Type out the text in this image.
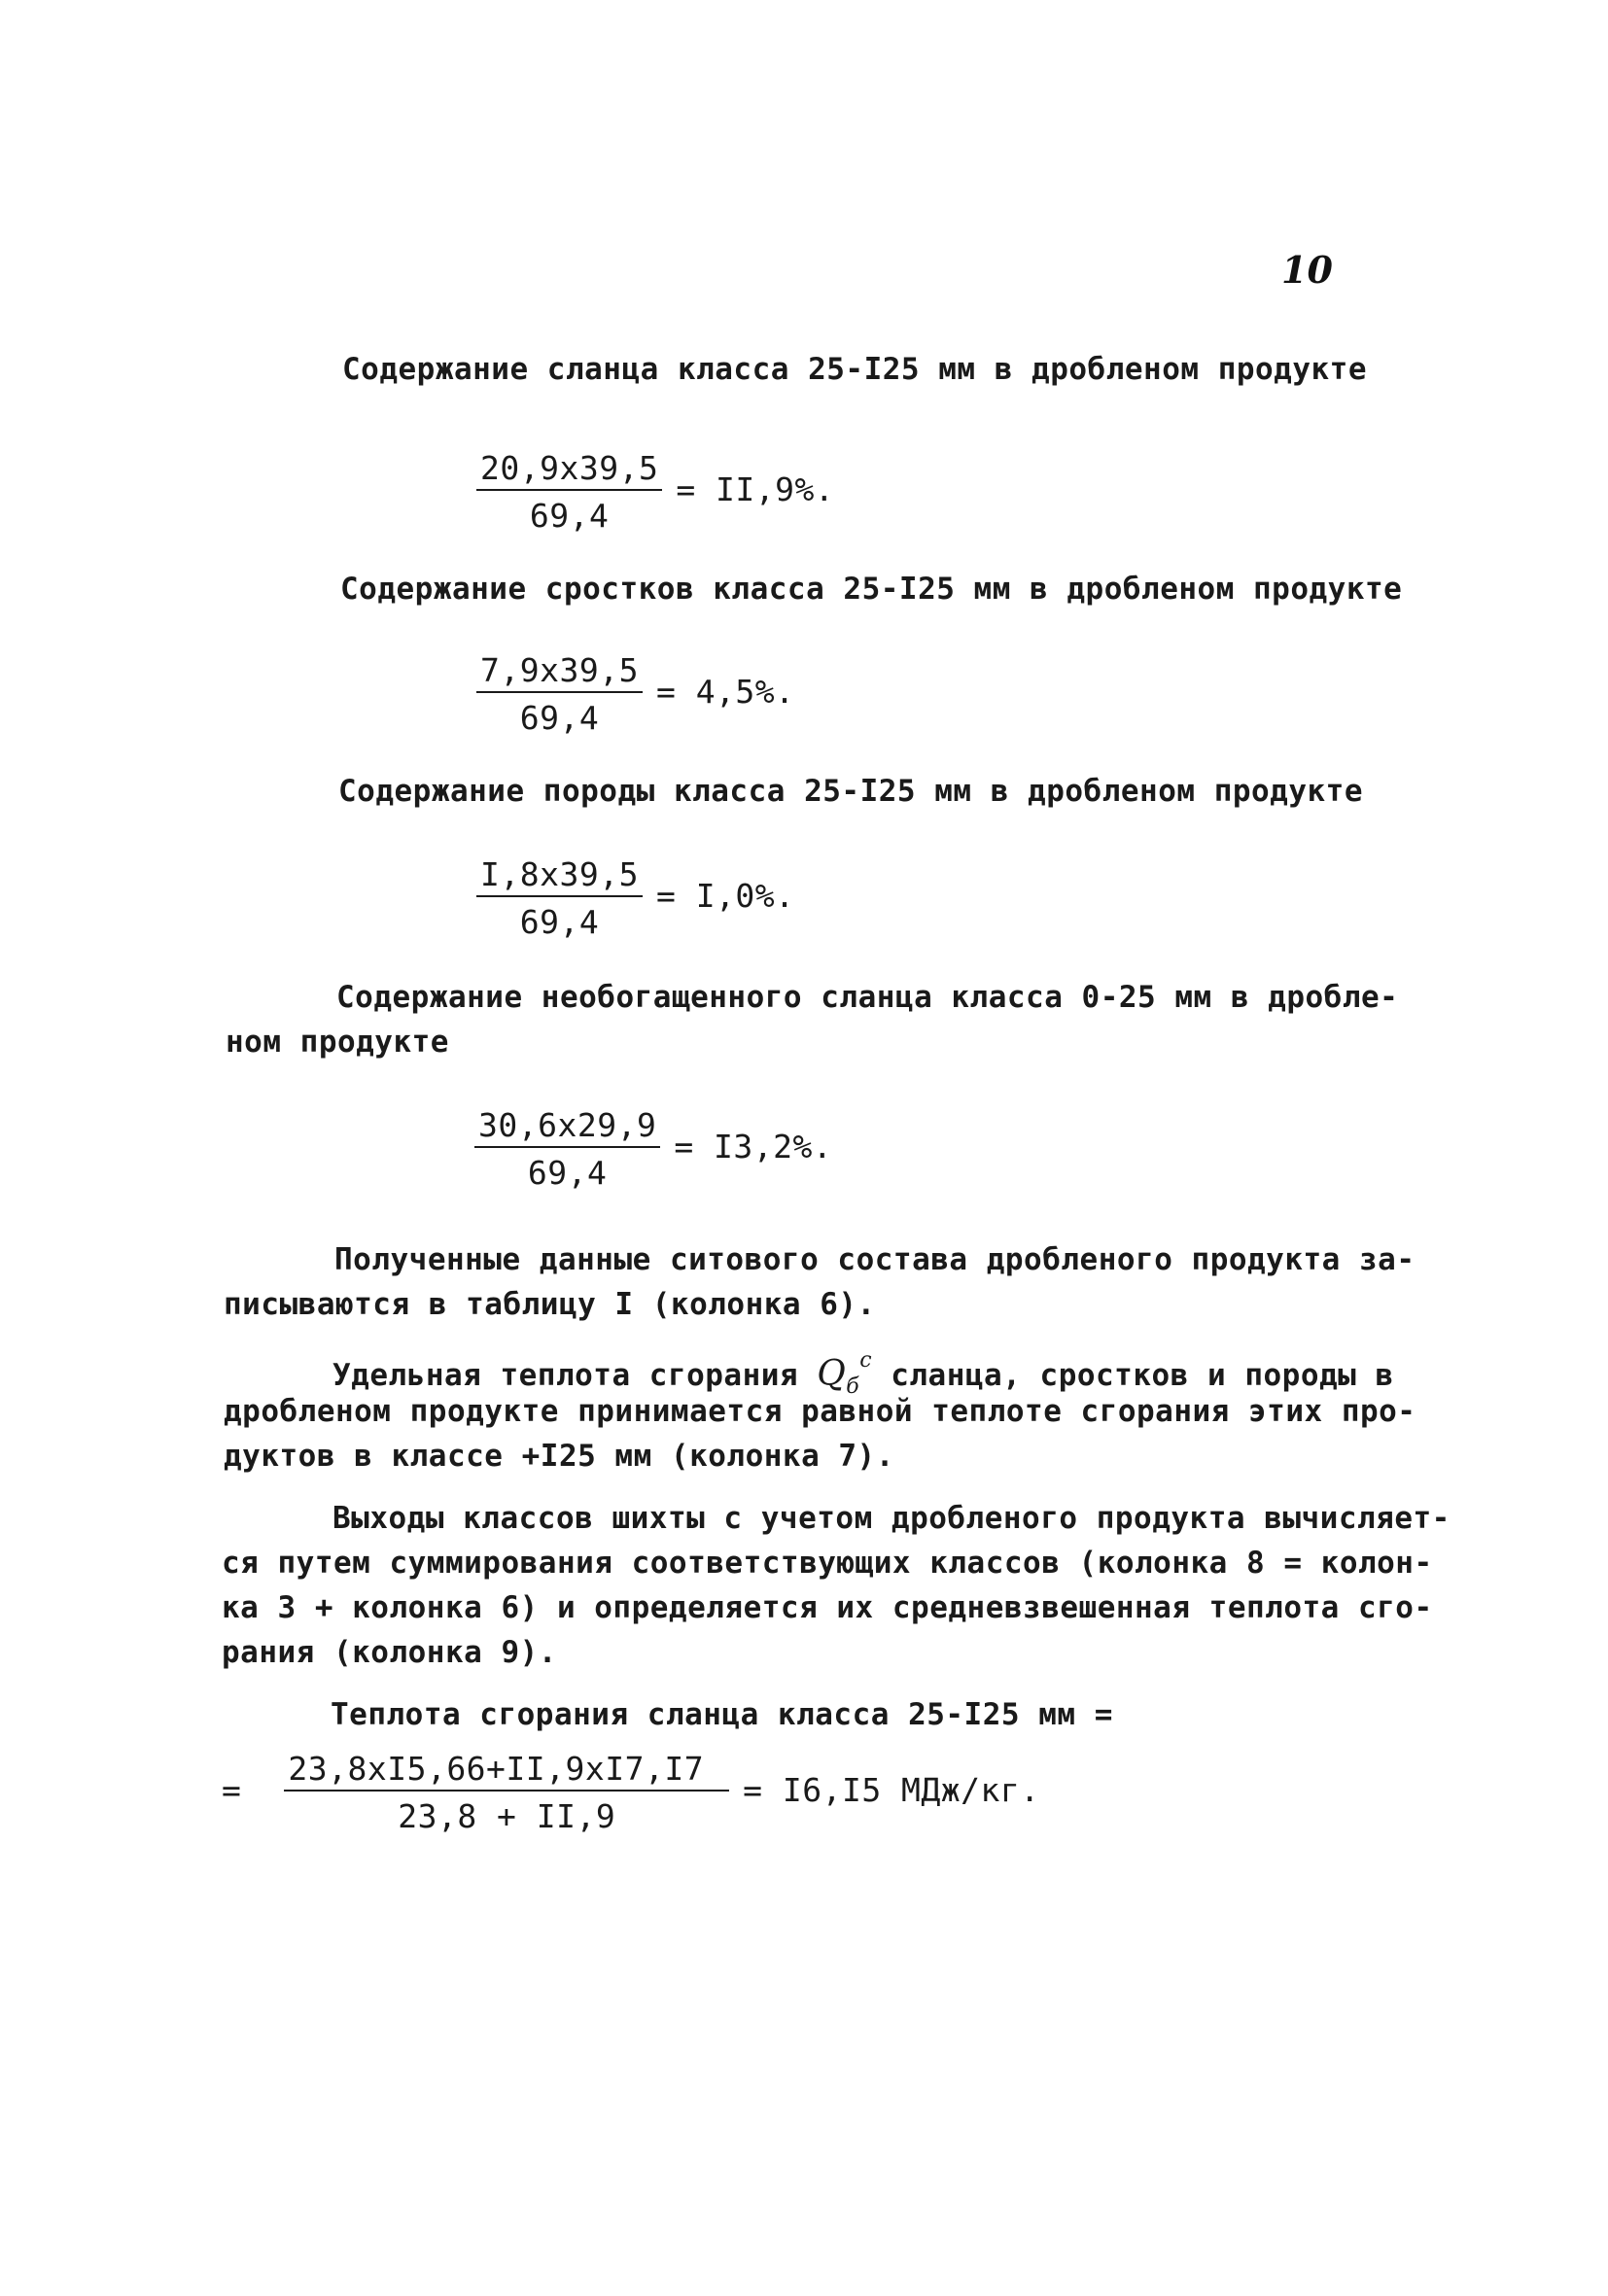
10
Содержание сланца класса 25-I25 мм в дробленом продукте
$\frac{20,9x39,5}{69,4} = II,9\%$.
Содержание сростков класса 25-I25 мм в дробленом продукте
$\frac{7,9x39,5}{69,4} = 4,5\%$.
Содержание породы класса 25-I25 мм в дробленом продукте
$\frac{I,8x39,5}{69,4} = I,0\%$.
Содержание необогащенного сланца класса 0-25 мм в дробле-
ном продукте
$\frac{30,6x29,9}{69,4} = I3,2\%$.
Полученные данные ситового состава дробленого продукта за-
писываются в таблицу I (колонка 6).
Удельная теплота сгорания $Q_б^с$ сланца, сростков и породы в
дробленом продукте принимается равной теплоте сгорания этих про-
дуктов в классе +I25 мм (колонка 7).
Выходы классов шихты с учетом дробленого продукта вычисляет-
ся путем суммирования соответствующих классов (колонка 8 = колон-
ка 3 + колонка 6) и определяется их средневзвешенная теплота сго-
рания (колонка 9).
Теплота сгорания сланца класса 25-I25 мм =
= $\frac{23,8xI5,66+II,9xI7,I7}{23,8 + II,9} = I6,I5$ МДж/кг.
